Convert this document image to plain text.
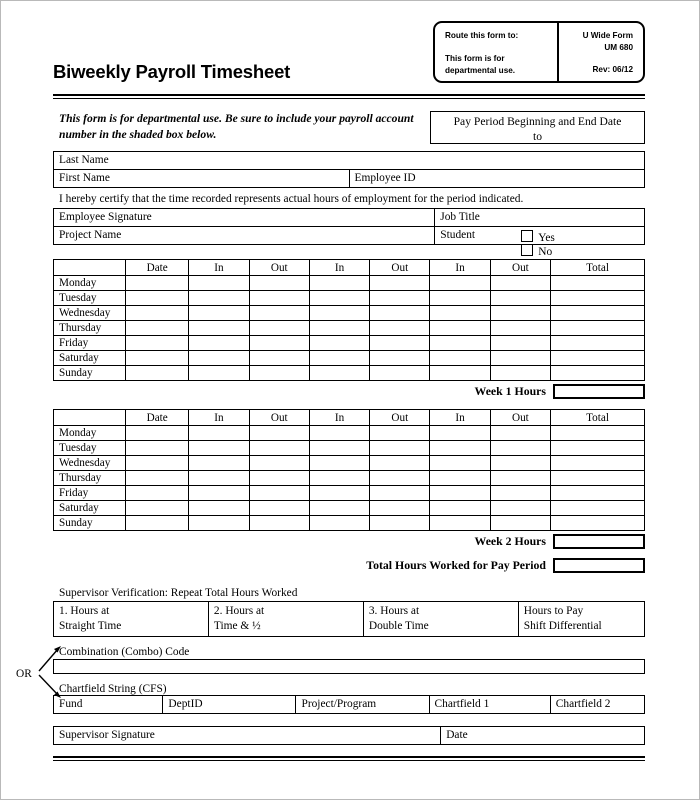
Route this form to:
This form is for departmental use.
U Wide Form
UM 680
Rev: 06/12
Biweekly Payroll Timesheet
This form is for departmental use. Be sure to include your payroll account number in the shaded box below.
Pay Period Beginning and End Date
to
Last Name
First Name	Employee ID
I hereby certify that the time recorded represents actual hours of employment for the period indicated.
Employee Signature	Job Title
Project Name	Student Yes No
	Date	In	Out	In	Out	In	Out	Total
Monday								
Tuesday								
Wednesday								
Thursday								
Friday								
Saturday								
Sunday								
Week 1 Hours
	Date	In	Out	In	Out	In	Out	Total
Monday								
Tuesday								
Wednesday								
Thursday								
Friday								
Saturday								
Sunday								
Week 2 Hours
Total Hours Worked for Pay Period
Supervisor Verification: Repeat Total Hours Worked
1. Hours at
Straight Time

2. Hours at
Time & ½

3. Hours at
Double Time

Hours to Pay
Shift Differential
OR
Combination (Combo) Code
Chartfield String (CFS)
Fund	DeptID	Project/Program	Chartfield 1	Chartfield 2
Supervisor Signature	Date
